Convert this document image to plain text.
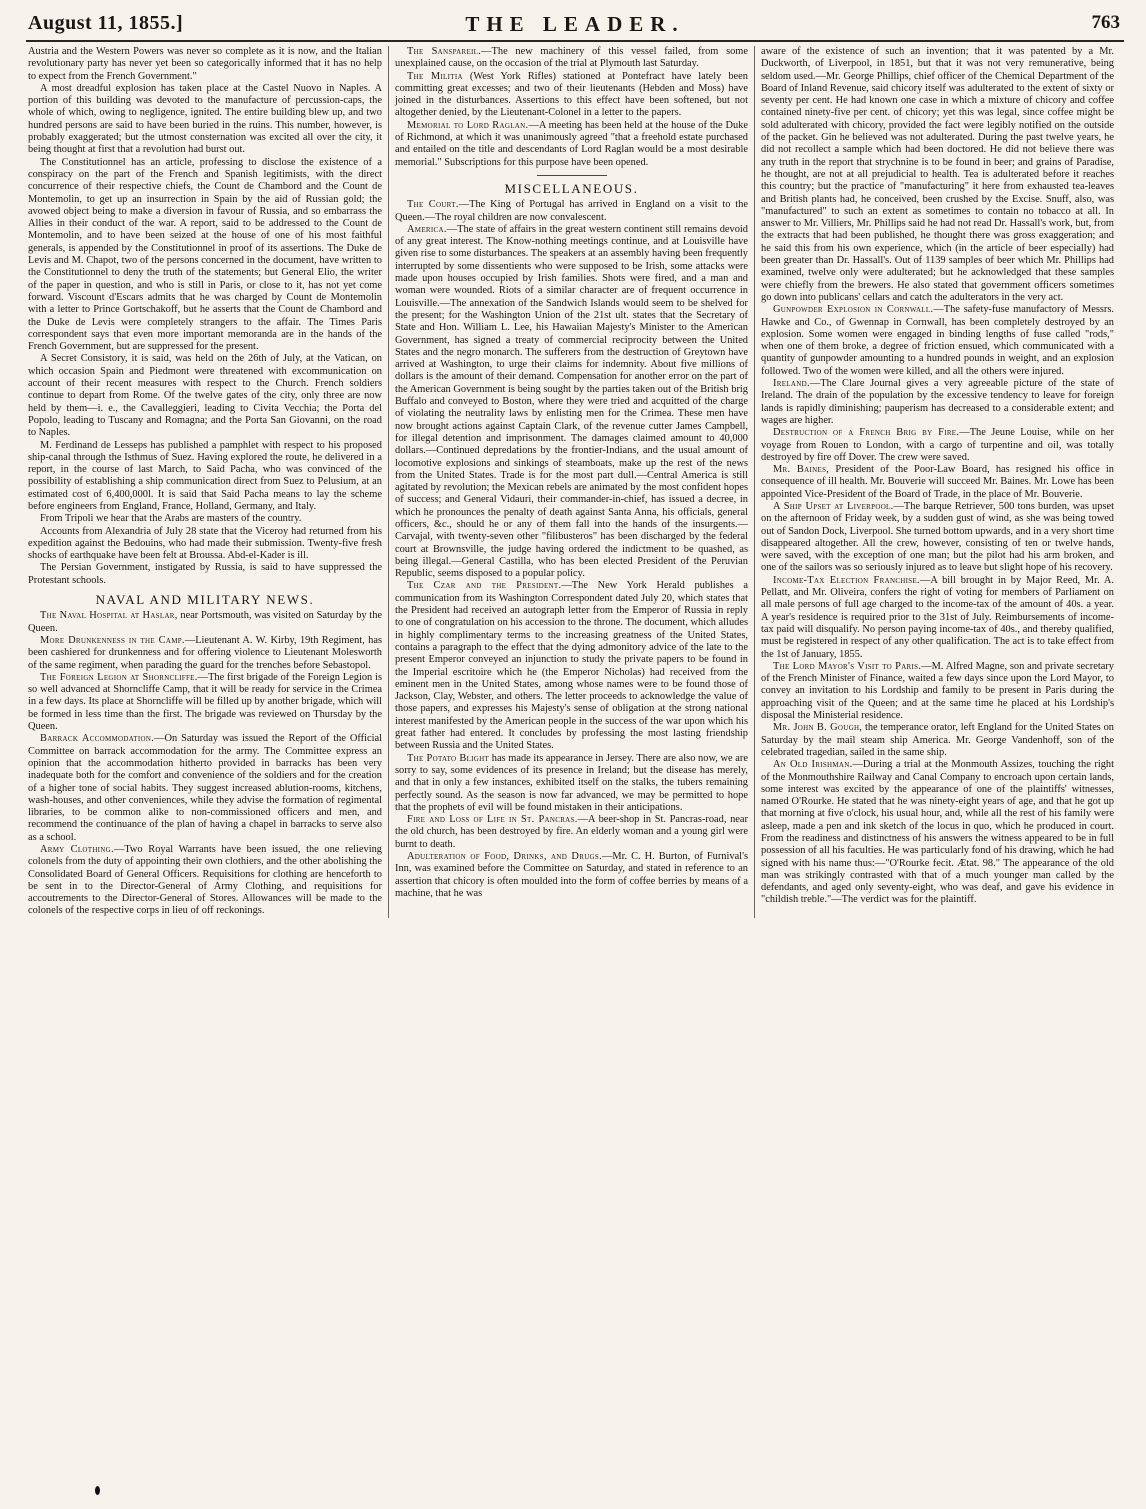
August 11, 1855.]	THE LEADER.	763

Austria and the Western Powers was never so complete as it is now, and the Italian revolutionary party has never yet been so categorically informed that it has no help to expect from the French Government."

A most dreadful explosion has taken place at the Castel Nuovo in Naples. A portion of this building was devoted to the manufacture of percussion-caps, the whole of which, owing to negligence, ignited. The entire building blew up, and two hundred persons are said to have been buried in the ruins. This number, however, is probably exaggerated; but the utmost consternation was excited all over the city, it being thought at first that a revolution had burst out.

The Constitutionnel has an article, professing to disclose the existence of a conspiracy on the part of the French and Spanish legitimists, with the direct concurrence of their respective chiefs, the Count de Chambord and the Count de Montemolin, to get up an insurrection in Spain by the aid of Russian gold; the avowed object being to make a diversion in favour of Russia, and so embarrass the Allies in their conduct of the war. A report, said to be addressed to the Count de Montemolin, and to have been seized at the house of one of his most faithful generals, is appended by the Constitutionnel in proof of its assertions. The Duke de Levis and M. Chapot, two of the persons concerned in the document, have written to the Constitutionnel to deny the truth of the statements; but General Elio, the writer of the paper in question, and who is still in Paris, or close to it, has not yet come forward. Viscount d'Escars admits that he was charged by Count de Montemolin with a letter to Prince Gortschakoff, but he asserts that the Count de Chambord and the Duke de Levis were completely strangers to the affair. The Times Paris correspondent says that even more important memoranda are in the hands of the French Government, but are suppressed for the present.

A Secret Consistory, it is said, was held on the 26th of July, at the Vatican, on which occasion Spain and Piedmont were threatened with excommunication on account of their recent measures with respect to the Church. French soldiers continue to depart from Rome. Of the twelve gates of the city, only three are now held by them—i. e., the Cavalleggieri, leading to Civita Vecchia; the Porta del Popolo, leading to Tuscany and Romagna; and the Porta San Giovanni, on the road to Naples.

M. Ferdinand de Lesseps has published a pamphlet with respect to his proposed ship-canal through the Isthmus of Suez. Having explored the route, he delivered in a report, in the course of last March, to Said Pacha, who was convinced of the possibility of establishing a ship communication direct from Suez to Pelusium, at an estimated cost of 6,400,000l. It is said that Said Pacha means to lay the scheme before engineers from England, France, Holland, Germany, and Italy.

From Tripoli we hear that the Arabs are masters of the country.

Accounts from Alexandria of July 28 state that the Viceroy had returned from his expedition against the Bedouins, who had made their submission. Twenty-five fresh shocks of earthquake have been felt at Broussa. Abd-el-Kader is ill.

The Persian Government, instigated by Russia, is said to have suppressed the Protestant schools.

NAVAL AND MILITARY NEWS.

The Naval Hospital at Haslar, near Portsmouth, was visited on Saturday by the Queen.

More Drunkenness in the Camp.—Lieutenant A. W. Kirby, 19th Regiment, has been cashiered for drunkenness and for offering violence to Lieutenant Molesworth of the same regiment, when parading the guard for the trenches before Sebastopol.

The Foreign Legion at Shorncliffe.—The first brigade of the Foreign Legion is so well advanced at Shorncliffe Camp, that it will be ready for service in the Crimea in a few days. Its place at Shorncliffe will be filled up by another brigade, which will be formed in less time than the first. The brigade was reviewed on Thursday by the Queen.

Barrack Accommodation.—On Saturday was issued the Report of the Official Committee on barrack accommodation for the army. The Committee express an opinion that the accommodation hitherto provided in barracks has been very inadequate both for the comfort and convenience of the soldiers and for the creation of a higher tone of social habits. They suggest increased ablution-rooms, kitchens, wash-houses, and other conveniences, while they advise the formation of regimental libraries, to be common alike to non-commissioned officers and men, and recommend the continuance of the plan of having a chapel in barracks to serve also as a school.

Army Clothing.—Two Royal Warrants have been issued, the one relieving colonels from the duty of appointing their own clothiers, and the other abolishing the Consolidated Board of General Officers. Requisitions for clothing are henceforth to be sent in to the Director-General of Army Clothing, and requisitions for accoutrements to the Director-General of Stores. Allowances will be made to the colonels of the respective corps in lieu of off reckonings.

The Sanspareil.—The new machinery of this vessel failed, from some unexplained cause, on the occasion of the trial at Plymouth last Saturday.

The Militia (West York Rifles) stationed at Pontefract have lately been committing great excesses; and two of their lieutenants (Hebden and Moss) have joined in the disturbances. Assertions to this effect have been softened, but not altogether denied, by the Lieutenant-Colonel in a letter to the papers.

Memorial to Lord Raglan.—A meeting has been held at the house of the Duke of Richmond, at which it was unanimously agreed "that a freehold estate purchased and entailed on the title and descendants of Lord Raglan would be a most desirable memorial." Subscriptions for this purpose have been opened.

MISCELLANEOUS.

The Court.—The King of Portugal has arrived in England on a visit to the Queen.—The royal children are now convalescent.

America.—The state of affairs in the great western continent still remains devoid of any great interest. The Know-nothing meetings continue, and at Louisville have given rise to some disturbances. The speakers at an assembly having been frequently interrupted by some dissentients who were supposed to be Irish, some attacks were made upon houses occupied by Irish families. Shots were fired, and a man and woman were wounded. Riots of a similar character are of frequent occurrence in Louisville.—The annexation of the Sandwich Islands would seem to be shelved for the present; for the Washington Union of the 21st ult. states that the Secretary of State and Hon. William L. Lee, his Hawaiian Majesty's Minister to the American Government, has signed a treaty of commercial reciprocity between the United States and the negro monarch. The sufferers from the destruction of Greytown have arrived at Washington, to urge their claims for indemnity. About five millions of dollars is the amount of their demand. Compensation for another error on the part of the American Government is being sought by the parties taken out of the British brig Buffalo and conveyed to Boston, where they were tried and acquitted of the charge of violating the neutrality laws by enlisting men for the Crimea. These men have now brought actions against Captain Clark, of the revenue cutter James Campbell, for illegal detention and imprisonment. The damages claimed amount to 40,000 dollars.—Continued depredations by the frontier-Indians, and the usual amount of locomotive explosions and sinkings of steamboats, make up the rest of the news from the United States. Trade is for the most part dull.—Central America is still agitated by revolution; the Mexican rebels are animated by the most confident hopes of success; and General Vidauri, their commander-in-chief, has issued a decree, in which he pronounces the penalty of death against Santa Anna, his officials, general officers, &c., should he or any of them fall into the hands of the insurgents.—Carvajal, with twenty-seven other "filibusteros" has been discharged by the federal court at Brownsville, the judge having ordered the indictment to be quashed, as being illegal.—General Castilla, who has been elected President of the Peruvian Republic, seems disposed to a popular policy.

The Czar and the President.—The New York Herald publishes a communication from its Washington Correspondent dated July 20, which states that the President had received an autograph letter from the Emperor of Russia in reply to one of congratulation on his accession to the throne. The document, which alludes in highly complimentary terms to the increasing greatness of the United States, contains a paragraph to the effect that the dying admonitory advice of the late to the present Emperor conveyed an injunction to study the private papers to be found in the Imperial escritoire which he (the Emperor Nicholas) had received from the eminent men in the United States, among whose names were to be found those of Jackson, Clay, Webster, and others. The letter proceeds to acknowledge the value of those papers, and expresses his Majesty's sense of obligation at the strong national interest manifested by the American people in the success of the war upon which his great father had entered. It concludes by professing the most lasting friendship between Russia and the United States.

The Potato Blight has made its appearance in Jersey. There are also now, we are sorry to say, some evidences of its presence in Ireland; but the disease has merely, and that in only a few instances, exhibited itself on the stalks, the tubers remaining perfectly sound. As the season is now far advanced, we may be permitted to hope that the prophets of evil will be found mistaken in their anticipations.

Fire and Loss of Life in St. Pancras.—A beer-shop in St. Pancras-road, near the old church, has been destroyed by fire. An elderly woman and a young girl were burnt to death.

Adulteration of Food, Drinks, and Drugs.—Mr. C. H. Burton, of Furnival's Inn, was examined before the Committee on Saturday, and stated in reference to an assertion that chicory is often moulded into the form of coffee berries by means of a machine, that he was

aware of the existence of such an invention; that it was patented by a Mr. Duckworth, of Liverpool, in 1851, but that it was not very remunerative, being seldom used.—Mr. George Phillips, chief officer of the Chemical Department of the Board of Inland Revenue, said chicory itself was adulterated to the extent of sixty or seventy per cent. He had known one case in which a mixture of chicory and coffee contained ninety-five per cent. of chicory; yet this was legal, since coffee might be sold adulterated with chicory, provided the fact were legibly notified on the outside of the packet. Gin he believed was not adulterated. During the past twelve years, he did not recollect a sample which had been doctored. He did not believe there was any truth in the report that strychnine is to be found in beer; and grains of Paradise, he thought, are not at all prejudicial to health. Tea is adulterated before it reaches this country; but the practice of "manufacturing" it here from exhausted tea-leaves and British plants had, he conceived, been crushed by the Excise. Snuff, also, was "manufactured" to such an extent as sometimes to contain no tobacco at all. In answer to Mr. Villiers, Mr. Phillips said he had not read Dr. Hassall's work, but, from the extracts that had been published, he thought there was gross exaggeration; and he said this from his own experience, which (in the article of beer especially) had been greater than Dr. Hassall's. Out of 1139 samples of beer which Mr. Phillips had examined, twelve only were adulterated; but he acknowledged that these samples were chiefly from the brewers. He also stated that government officers sometimes go down into publicans' cellars and catch the adulterators in the very act.

Gunpowder Explosion in Cornwall.—The safety-fuse manufactory of Messrs. Hawke and Co., of Gwennap in Cornwall, has been completely destroyed by an explosion. Some women were engaged in binding lengths of fuse called "rods," when one of them broke, a degree of friction ensued, which communicated with a quantity of gunpowder amounting to a hundred pounds in weight, and an explosion followed. Two of the women were killed, and all the others were injured.

Ireland.—The Clare Journal gives a very agreeable picture of the state of Ireland. The drain of the population by the excessive tendency to leave for foreign lands is rapidly diminishing; pauperism has decreased to a considerable extent; and wages are higher.

Destruction of a French Brig by Fire.—The Jeune Louise, while on her voyage from Rouen to London, with a cargo of turpentine and oil, was totally destroyed by fire off Dover. The crew were saved.

Mr. Baines, President of the Poor-Law Board, has resigned his office in consequence of ill health. Mr. Bouverie will succeed Mr. Baines. Mr. Lowe has been appointed Vice-President of the Board of Trade, in the place of Mr. Bouverie.

A Ship Upset at Liverpool.—The barque Retriever, 500 tons burden, was upset on the afternoon of Friday week, by a sudden gust of wind, as she was being towed out of Sandon Dock, Liverpool. She turned bottom upwards, and in a very short time disappeared altogether. All the crew, however, consisting of ten or twelve hands, were saved, with the exception of one man; but the pilot had his arm broken, and one of the sailors was so seriously injured as to leave but slight hope of his recovery.

Income-Tax Election Franchise.—A bill brought in by Major Reed, Mr. A. Pellatt, and Mr. Oliveira, confers the right of voting for members of Parliament on all male persons of full age charged to the income-tax of the amount of 40s. a year. A year's residence is required prior to the 31st of July. Reimbursements of income-tax paid will disqualify. No person paying income-tax of 40s., and thereby qualified, must be registered in respect of any other qualification. The act is to take effect from the 1st of January, 1855.

The Lord Mayor's Visit to Paris.—M. Alfred Magne, son and private secretary of the French Minister of Finance, waited a few days since upon the Lord Mayor, to convey an invitation to his Lordship and family to be present in Paris during the approaching visit of the Queen; and at the same time he placed at his Lordship's disposal the Ministerial residence.

Mr. John B. Gough, the temperance orator, left England for the United States on Saturday by the mail steam ship America. Mr. George Vandenhoff, son of the celebrated tragedian, sailed in the same ship.

An Old Irishman.—During a trial at the Monmouth Assizes, touching the right of the Monmouthshire Railway and Canal Company to encroach upon certain lands, some interest was excited by the appearance of one of the plaintiffs' witnesses, named O'Rourke. He stated that he was ninety-eight years of age, and that he got up that morning at five o'clock, his usual hour, and, while all the rest of his family were asleep, made a pen and ink sketch of the locus in quo, which he produced in court. From the readiness and distinctness of his answers the witness appeared to be in full possession of all his faculties. He was particularly fond of his drawing, which he had signed with his name thus:—"O'Rourke fecit. Ætat. 98." The appearance of the old man was strikingly contrasted with that of a much younger man called by the defendants, and aged only seventy-eight, who was deaf, and gave his evidence in "childish treble."—The verdict was for the plaintiff.
